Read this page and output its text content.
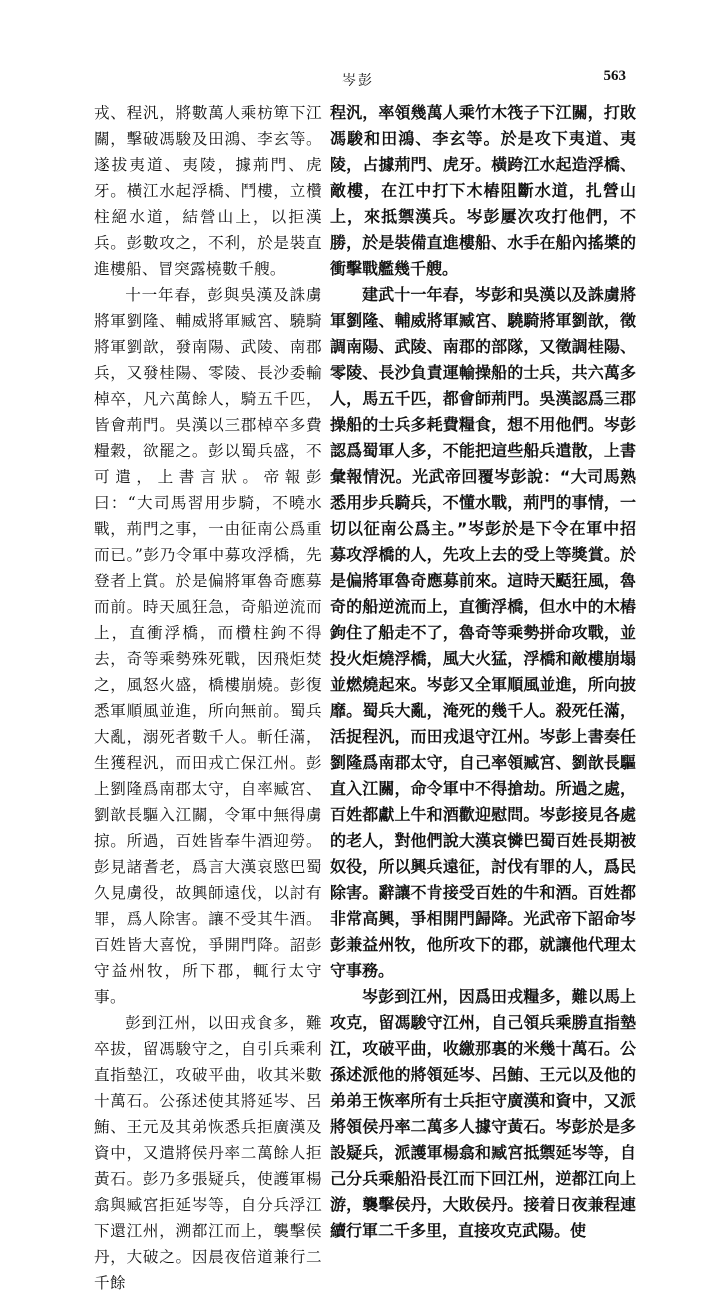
岑彭	563

戎、程汎，將數萬人乘枋箄下江關，擊破馮駿及田鴻、李玄等。遂拔夷道、夷陵，據荊門、虎牙。橫江水起浮橋、鬥樓，立欑柱絕水道，結營山上，以拒漢兵。彭數攻之，不利，於是裝直進樓船、冒突露橈數千艘。

十一年春，彭與吳漢及誅虜將軍劉隆、輔威將軍臧宮、驍騎將軍劉歆，發南陽、武陵、南郡兵，又發桂陽、零陵、長沙委輸棹卒，凡六萬餘人，騎五千匹，皆會荊門。吳漢以三郡棹卒多費糧穀，欲罷之。彭以蜀兵盛，不可遣，上書言狀。帝報彭曰：“大司馬習用步騎，不曉水戰，荊門之事，一由征南公爲重而已。”彭乃令軍中募攻浮橋，先登者上賞。於是偏將軍魯奇應募而前。時天風狂急，奇船逆流而上，直衝浮橋，而欑柱鉤不得去，奇等乘勢殊死戰，因飛炬焚之，風怒火盛，橋樓崩燒。彭復悉軍順風並進，所向無前。蜀兵大亂，溺死者數千人。斬任滿，生獲程汎，而田戎亡保江州。彭上劉隆爲南郡太守，自率臧宮、劉歆長驅入江關，令軍中無得虜掠。所過，百姓皆奉牛酒迎勞。彭見諸耆老，爲言大漢哀愍巴蜀久見虜役，故興師遠伐，以討有罪，爲人除害。讓不受其牛酒。百姓皆大喜悅，爭開門降。詔彭守益州牧，所下郡，輒行太守事。

彭到江州，以田戎食多，難卒拔，留馮駿守之，自引兵乘利直指墊江，攻破平曲，收其米數十萬石。公孫述使其將延岑、呂鮪、王元及其弟恢悉兵拒廣漢及資中，又遣將侯丹率二萬餘人拒黃石。彭乃多張疑兵，使護軍楊翕與臧宮拒延岑等，自分兵浮江下還江州，溯都江而上，襲擊侯丹，大破之。因晨夜倍道兼行二千餘

程汎，率領幾萬人乘竹木筏子下江關，打敗馮駿和田鴻、李玄等。於是攻下夷道、夷陵，占據荊門、虎牙。橫跨江水起造浮橋、敵樓，在江中打下木樁阻斷水道，扎營山上，來抵禦漢兵。岑彭屢次攻打他們，不勝，於是裝備直進樓船、水手在船內搖槳的衝擊戰艦幾千艘。

建武十一年春，岑彭和吳漢以及誅虜將軍劉隆、輔威將軍臧宮、驍騎將軍劉歆，徵調南陽、武陵、南郡的部隊，又徵調桂陽、零陵、長沙負責運輸操船的士兵，共六萬多人，馬五千匹，都會師荊門。吳漢認爲三郡操船的士兵多耗費糧食，想不用他們。岑彭認爲蜀軍人多，不能把這些船兵遣散，上書彙報情況。光武帝回覆岑彭說：“大司馬熟悉用步兵騎兵，不懂水戰，荊門的事情，一切以征南公爲主。”岑彭於是下令在軍中招募攻浮橋的人，先攻上去的受上等獎賞。於是偏將軍魯奇應募前來。這時天颳狂風，魯奇的船逆流而上，直衝浮橋，但水中的木樁鉤住了船走不了，魯奇等乘勢拼命攻戰，並投火炬燒浮橋，風大火猛，浮橋和敵樓崩塌並燃燒起來。岑彭又全軍順風並進，所向披靡。蜀兵大亂，淹死的幾千人。殺死任滿，活捉程汎，而田戎退守江州。岑彭上書奏任劉隆爲南郡太守，自己率領臧宮、劉歆長驅直入江關，命令軍中不得搶劫。所過之處，百姓都獻上牛和酒歡迎慰問。岑彭接見各處的老人，對他們說大漢哀憐巴蜀百姓長期被奴役，所以興兵遠征，討伐有罪的人，爲民除害。辭讓不肯接受百姓的牛和酒。百姓都非常高興，爭相開門歸降。光武帝下詔命岑彭兼益州牧，他所攻下的郡，就讓他代理太守事務。

岑彭到江州，因爲田戎糧多，難以馬上攻克，留馮駿守江州，自己領兵乘勝直指墊江，攻破平曲，收繳那裏的米幾十萬石。公孫述派他的將領延岑、呂鮪、王元以及他的弟弟王恢率所有士兵拒守廣漢和資中，又派將領侯丹率二萬多人據守黃石。岑彭於是多設疑兵，派護軍楊翕和臧宮抵禦延岑等，自己分兵乘船沿長江而下回江州，逆都江向上游，襲擊侯丹，大敗侯丹。接着日夜兼程連續行軍二千多里，直接攻克武陽。使
